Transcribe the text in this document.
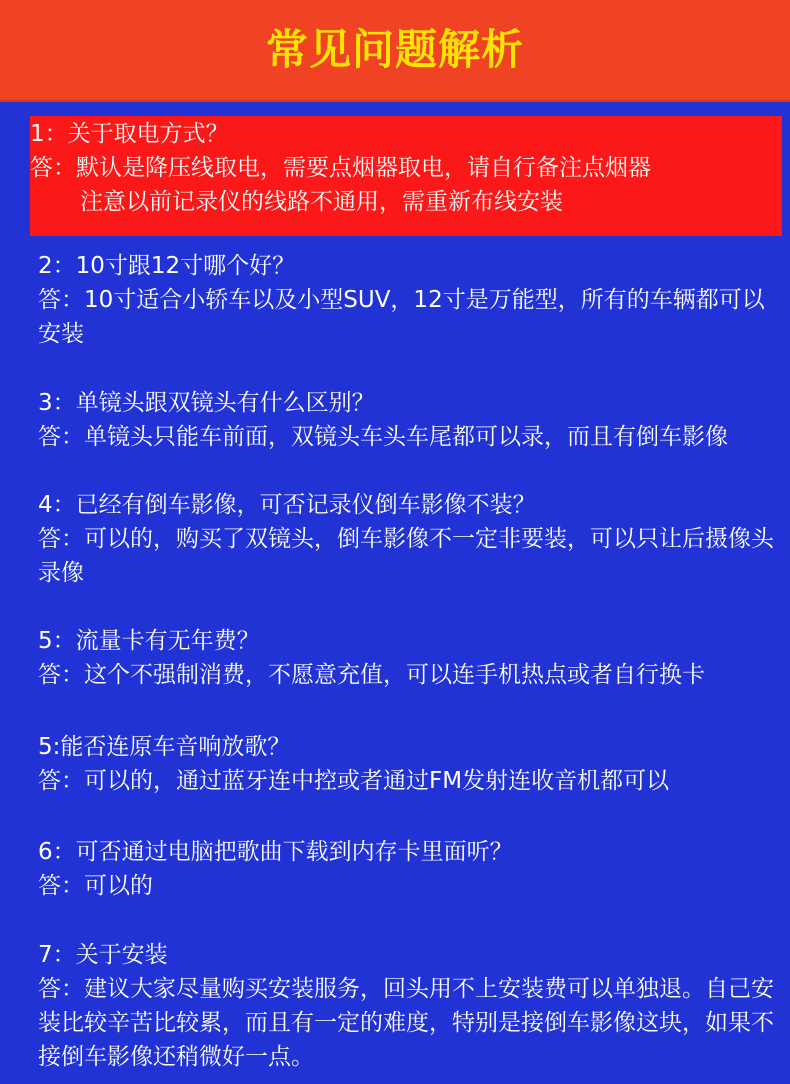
常见问题解析
1：关于取电方式？
答：默认是降压线取电，需要点烟器取电，请自行备注点烟器
注意以前记录仪的线路不通用，需重新布线安装
2：10寸跟12寸哪个好？
答：10寸适合小轿车以及小型SUV，12寸是万能型，所有的车辆都可以安装
3：单镜头跟双镜头有什么区别？
答：单镜头只能车前面，双镜头车头车尾都可以录，而且有倒车影像
4：已经有倒车影像，可否记录仪倒车影像不装？
答：可以的，购买了双镜头，倒车影像不一定非要装，可以只让后摄像头录像
5：流量卡有无年费？
答：这个不强制消费，不愿意充值，可以连手机热点或者自行换卡
5:能否连原车音响放歌？
答：可以的，通过蓝牙连中控或者通过FM发射连收音机都可以
6：可否通过电脑把歌曲下载到内存卡里面听？
答：可以的
7：关于安装
答：建议大家尽量购买安装服务，回头用不上安装费可以单独退。自己安装比较辛苦比较累，而且有一定的难度，特别是接倒车影像这块，如果不接倒车影像还稍微好一点。
